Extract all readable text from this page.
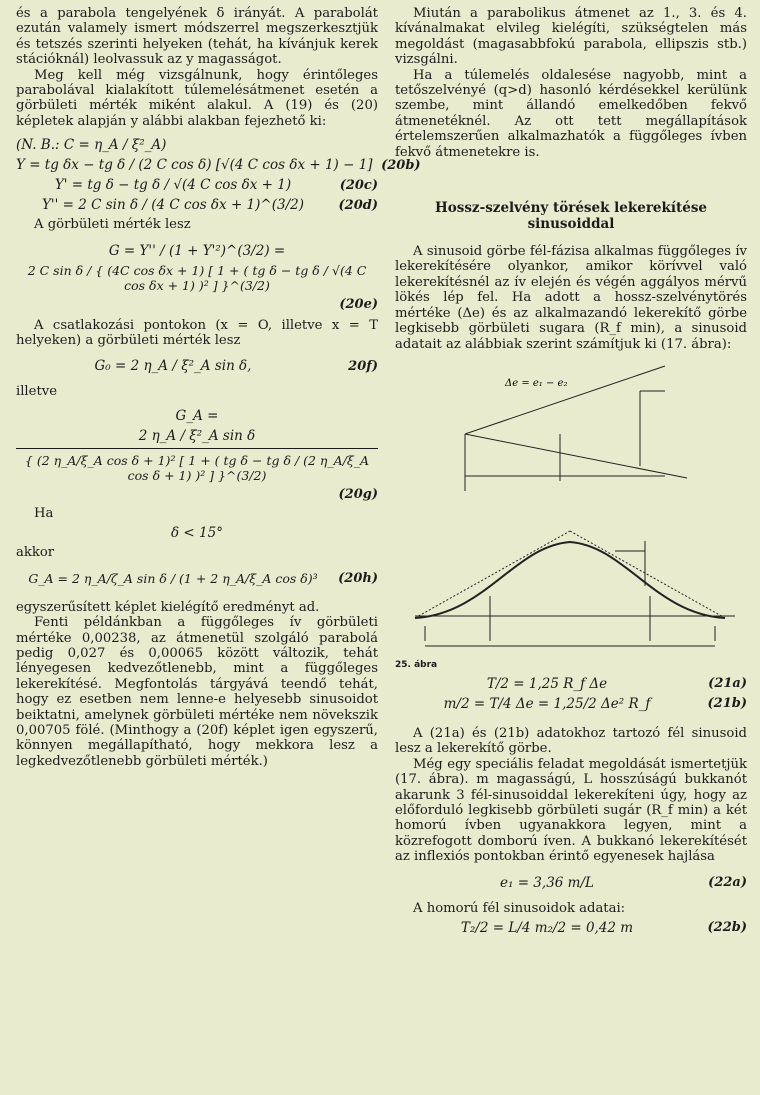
és a parabola tengelyének δ irányát. A parabolát ezután valamely ismert módszerrel megszerkesztjük és tetszés szerinti helyeken (tehát, ha kívánjuk kerek stációknál) leolvassuk az y magasságot.

Meg kell még vizsgálnunk, hogy érintőleges parabolával kialakított túlemelésátmenet esetén a görbületi mérték miként alakul. A (19) és (20) képletek alapján y alábbi alakban fejezhető ki:

(N. B.: C = η_A / ξ²_A)
Y = tg δx − tg δ / (2 C cos δ) [√(4 C cos δx + 1) − 1] (20b)
Y' = tg δ − tg δ / √(4 C cos δx + 1)	(20c)
Y'' = 2 C sin δ / (4 C cos δx + 1)^(3/2)	(20d)

A görbületi mérték lesz

G = Y'' / (1 + Y'²)^(3/2) =
2 C sin δ / { (4C cos δx + 1) [ 1 + ( tg δ − tg δ / √(4 C cos δx + 1) )² ] }^(3/2)
(20e)

A csatlakozási pontokon (x = O, illetve x = T helyeken) a görbületi mérték lesz

G₀ = 2 η_A / ξ²_A sin δ,	20f)

illetve

G_A =
2 η_A / ξ²_A sin δ
{ (2 η_A/ξ_A cos δ + 1)² [ 1 + ( tg δ − tg δ / (2 η_A/ξ_A cos δ + 1) )² ] }^(3/2)
(20g)

Ha

δ < 15°

akkor

G_A = 2 η_A/ζ_A sin δ / (1 + 2 η_A/ξ_A cos δ)³	(20h)

egyszerűsített képlet kielégítő eredményt ad.

Fenti példánkban a függőleges ív görbületi mértéke 0,00238, az átmenetül szolgáló parabolá pedig 0,027 és 0,00065 között változik, tehát lényegesen kedvezőtlenebb, mint a függőleges lekerekítésé. Megfontolás tárgyává teendő tehát, hogy ez esetben nem lenne-e helyesebb sinusoidot beiktatni, amelynek görbületi mértéke nem növekszik 0,00705 fölé. (Minthogy a (20f) képlet igen egyszerű, könnyen megállapítható, hogy mekkora lesz a legkedvezőtlenebb görbületi mérték.)

Miután a parabolikus átmenet az 1., 3. és 4. kívánalmakat elvileg kielégíti, szükségtelen más megoldást (magasabbfokú parabola, ellipszis stb.) vizsgálni.

Ha a túlemelés oldalesése nagyobb, mint a tetőszelvényé (q>d) hasonló kérdésekkel kerülünk szembe, mint állandó emelkedőben fekvő átmenetéknél. Az ott tett megállapítások értelemszerűen alkalmazhatók a függőleges ívben fekvő átmenetekre is.

Hossz-szelvény törések lekerekítése
sinusoiddal

A sinusoid görbe fél-fázisa alkalmas függőleges ív lekerekítésére olyankor, amikor körívvel való lekerekítésnél az ív elején és végén aggályos mérvű lökés lép fel. Ha adott a hossz-szelvénytörés mértéke (Δe) és az alkalmazandó lekerekítő görbe legkisebb görbületi sugara (R_f min), a sinusoid adatait az alábbiak szerint számítjuk ki (17. ábra):

Δe = e₁ − e₂
25. ábra
T/2 = 1,25 R_f Δe	(21a)
m/2 = T/4 Δe = 1,25/2 Δe² R_f	(21b)

A (21a) és (21b) adatokhoz tartozó fél sinusoid lesz a lekerekítő görbe.

Még egy speciális feladat megoldását ismertetjük (17. ábra). m magasságú, L hosszúságú bukkanót akarunk 3 fél-sinusoiddal lekerekíteni úgy, hogy az előforduló legkisebb görbületi sugár (R_f min) a két homorú ívben ugyanakkora legyen, mint a közrefogott domború íven. A bukkanó lekerekítését az inflexiós pontokban érintő egyenesek hajlása

e₁ = 3,36 m/L	(22a)

A homorú fél sinusoidok adatai:

T₂/2 = L/4 m₂/2 = 0,42 m	(22b)
